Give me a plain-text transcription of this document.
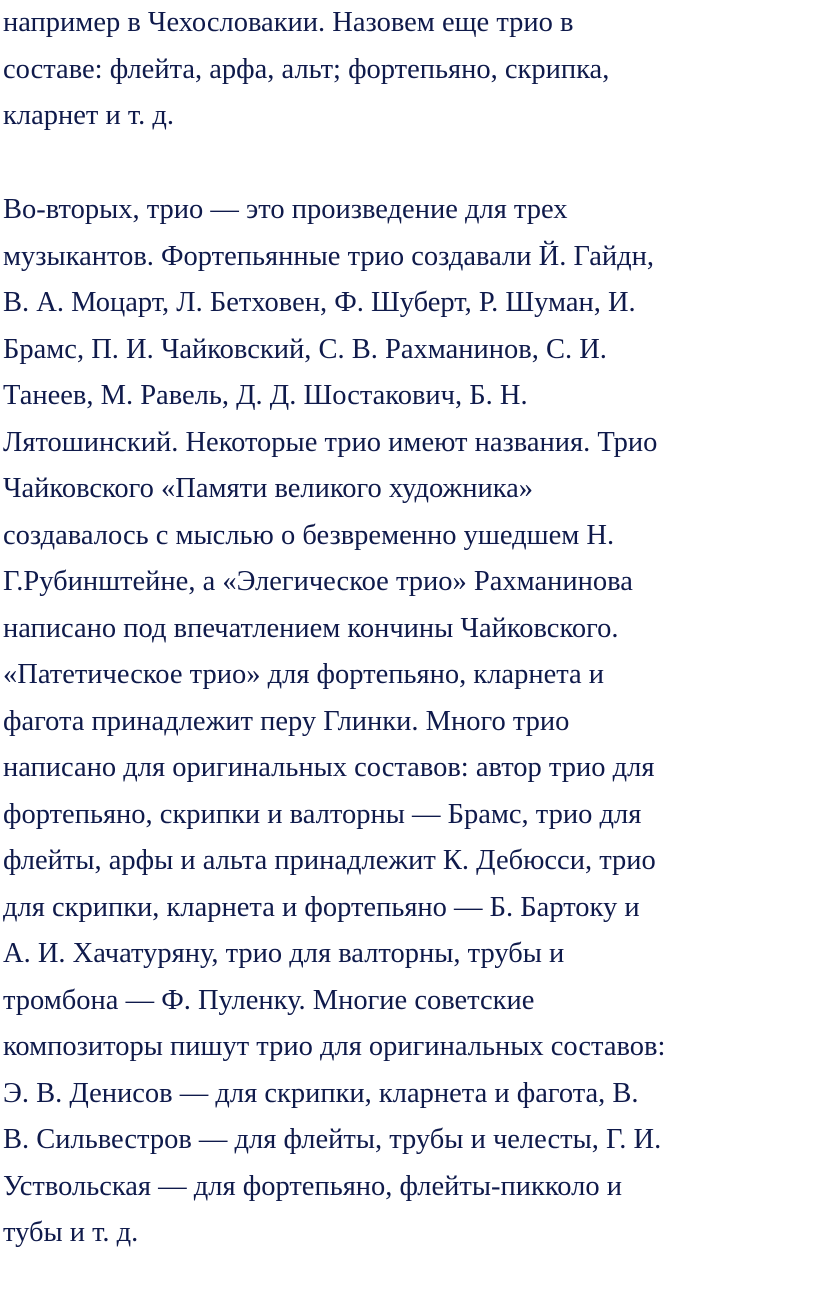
например в Чехословакии. Назовем еще трио в
составе: флейта, арфа, альт; фортепьяно, скрипка,
кларнет и т. д.
Во-вторых, трио — это произведение для трех
музыкантов. Фортепьянные трио создавали Й. Гайдн,
В. А. Моцарт, Л. Бетховен, Ф. Шуберт, Р. Шуман, И.
Брамс, П. И. Чайковский, С. В. Рахманинов, С. И.
Танеев, М. Равель, Д. Д. Шостакович, Б. Н.
Лятошинский. Некоторые трио имеют названия. Трио
Чайковского «Памяти великого художника»
создавалось с мыслью о безвременно ушедшем Н.
Г.Рубинштейне, а «Элегическое трио» Рахманинова
написано под впечатлением кончины Чайковского.
«Патетическое трио» для фортепьяно, кларнета и
фагота принадлежит перу Глинки. Много трио
написано для оригинальных составов: автор трио для
фортепьяно, скрипки и валторны — Брамс, трио для
флейты, арфы и альта принадлежит К. Дебюсси, трио
для скрипки, кларнета и фортепьяно — Б. Бартоку и
А. И. Хачатуряну, трио для валторны, трубы и
тромбона — Ф. Пуленку. Многие советские
композиторы пишут трио для оригинальных составов:
Э. В. Денисов — для скрипки, кларнета и фагота, В.
В. Сильвестров — для флейты, трубы и челесты, Г. И.
Уствольская — для фортепьяно, флейты-пикколо и
тубы и т. д.
